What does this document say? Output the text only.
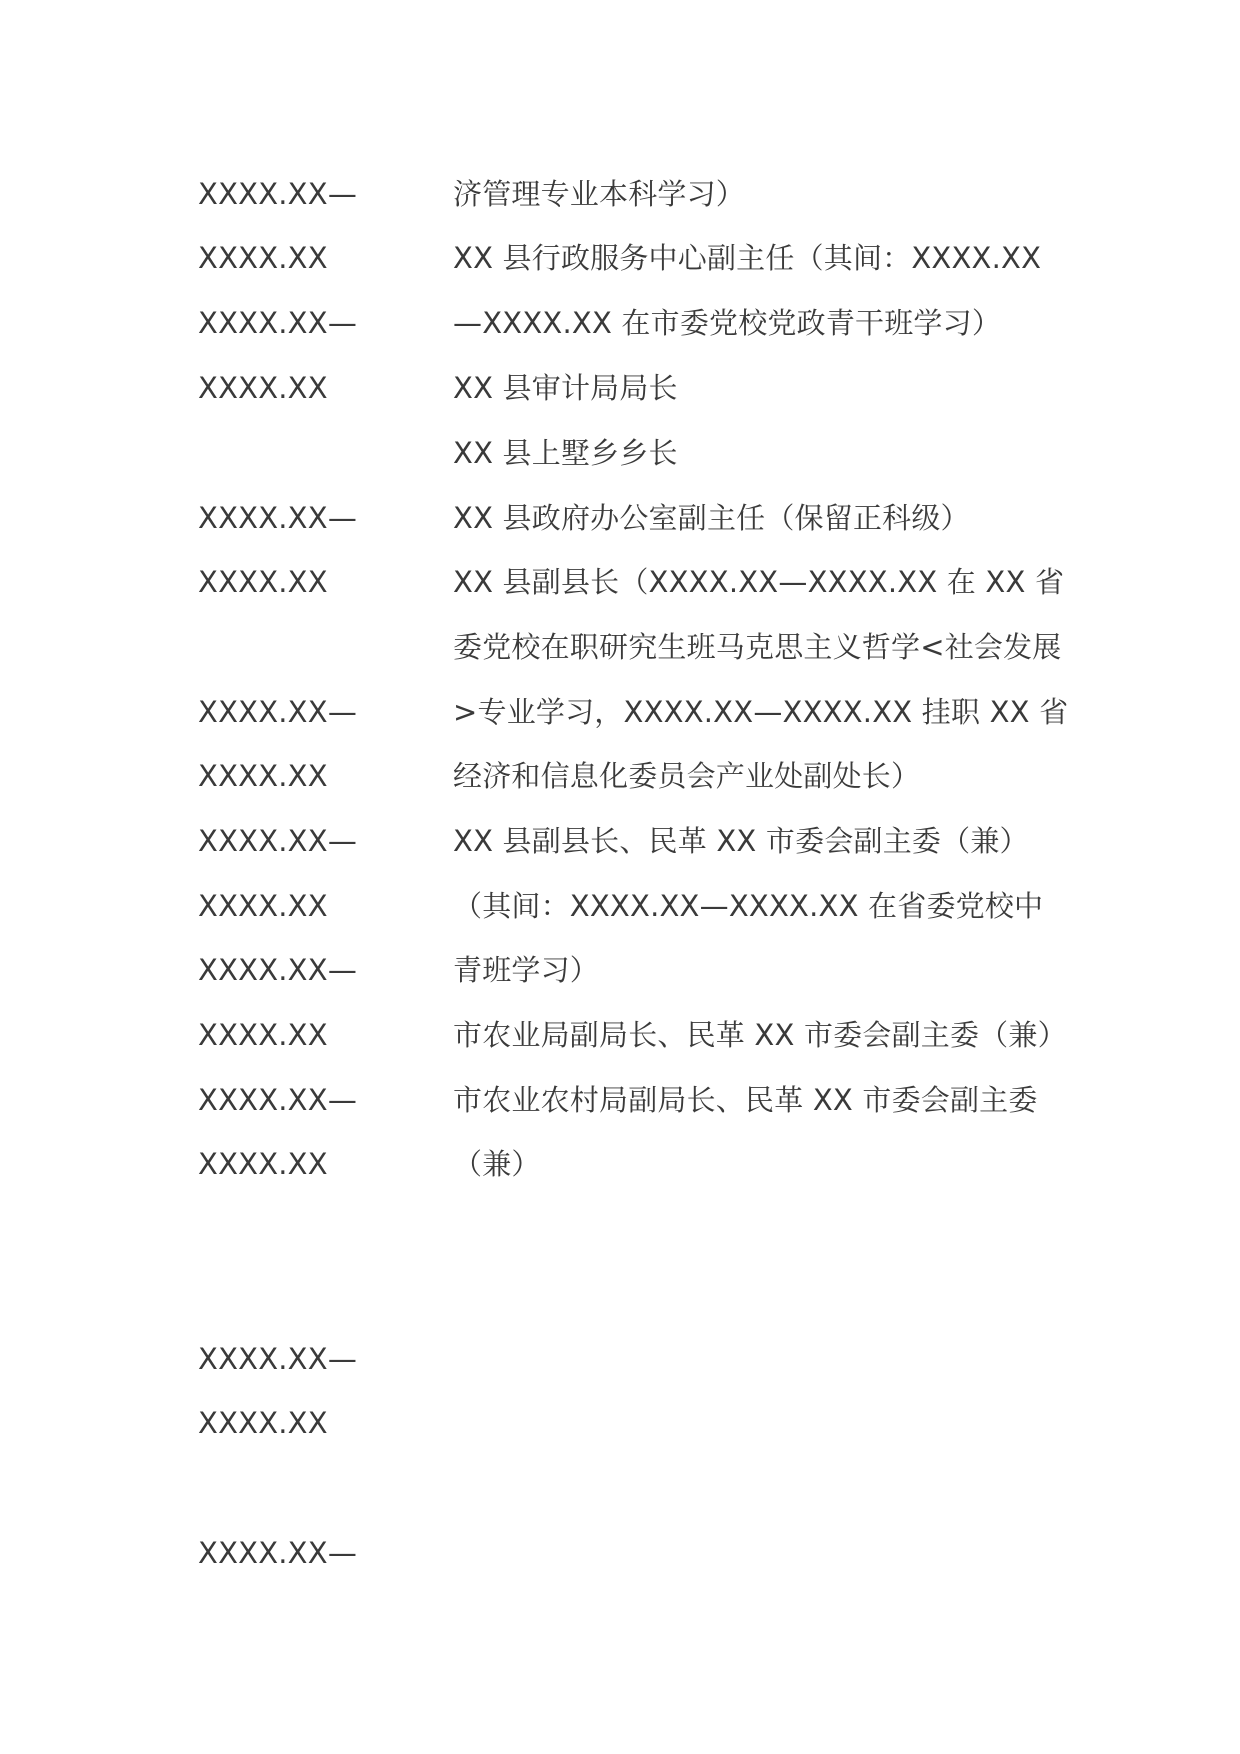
XXXX.XX—
XXXX.XX
XXXX.XX—
XXXX.XX
XXXX.XX—
XXXX.XX
XXXX.XX—
XXXX.XX
XXXX.XX—
XXXX.XX
XXXX.XX—
XXXX.XX
XXXX.XX—
XXXX.XX
XXXX.XX—
XXXX.XX
XXXX.XX—
济管理专业本科学习）
XX 县行政服务中心副主任（其间：XXXX.XX
—XXXX.XX 在市委党校党政青干班学习）
XX 县审计局局长
XX 县上墅乡乡长
XX 县政府办公室副主任（保留正科级）
XX 县副县长（XXXX.XX—XXXX.XX 在 XX 省
委党校在职研究生班马克思主义哲学<社会发展
>专业学习，XXXX.XX—XXXX.XX 挂职 XX 省
经济和信息化委员会产业处副处长）
XX 县副县长、民革 XX 市委会副主委（兼）
（其间：XXXX.XX—XXXX.XX 在省委党校中
青班学习）
市农业局副局长、民革 XX 市委会副主委（兼）
市农业农村局副局长、民革 XX 市委会副主委
（兼）
